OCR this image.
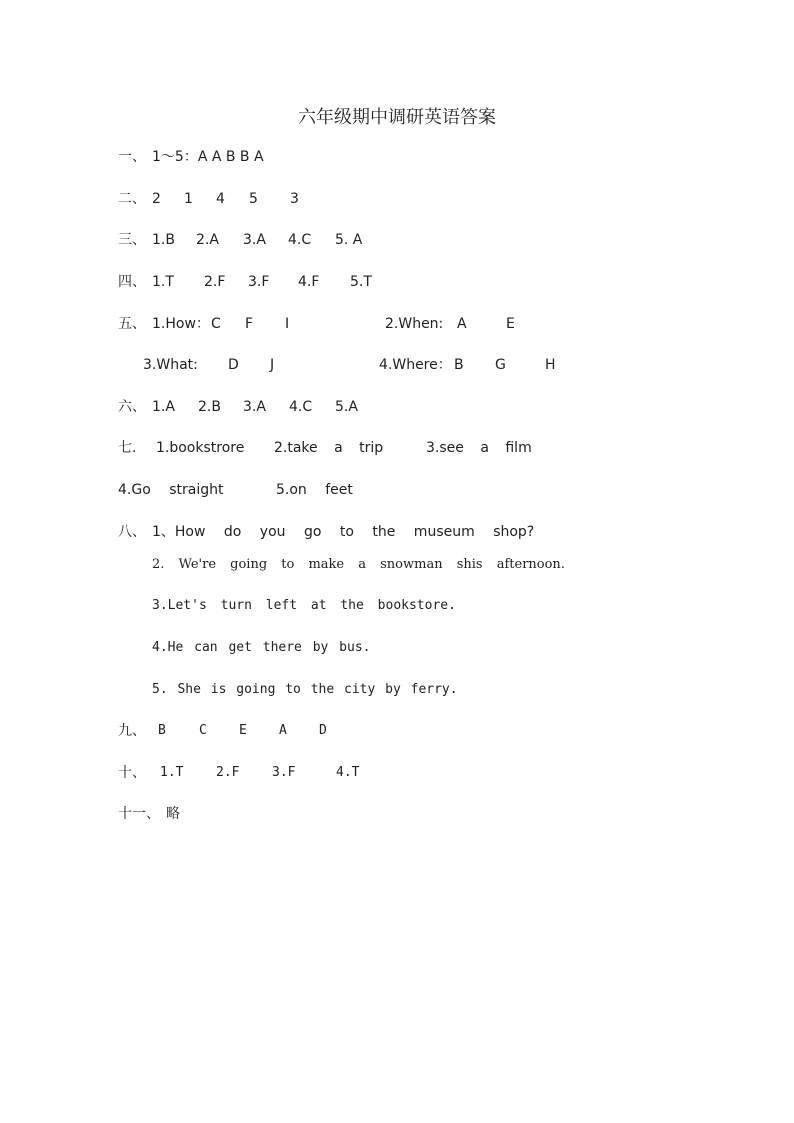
六年级期中调研英语答案
一、 1～5：A A B B A
二、 2 1 4 5 3
三、 1.B 2.A 3.A 4.C 5. A
四、 1.T 2.F 3.F 4.F 5.T
五、 1.How： C F I	2.When: A	E
3.What: D J	4.Where： B G	H
六、 1.A 2.B 3.A 4.C 5.A
七. 1.bookstrore 2.take a trip	3.see a film
4.Go straight	5.on feet
八、 1、How do you go to the museum shop?
2. We're going to make a snowman shis afternoon.
3.Let's turn left at the bookstore.
4.He can get there by bus.
5. She is going to the city by ferry.
九、 B	C E A D
十、 1.T	2.F	3.F	4.T
十一、 略
